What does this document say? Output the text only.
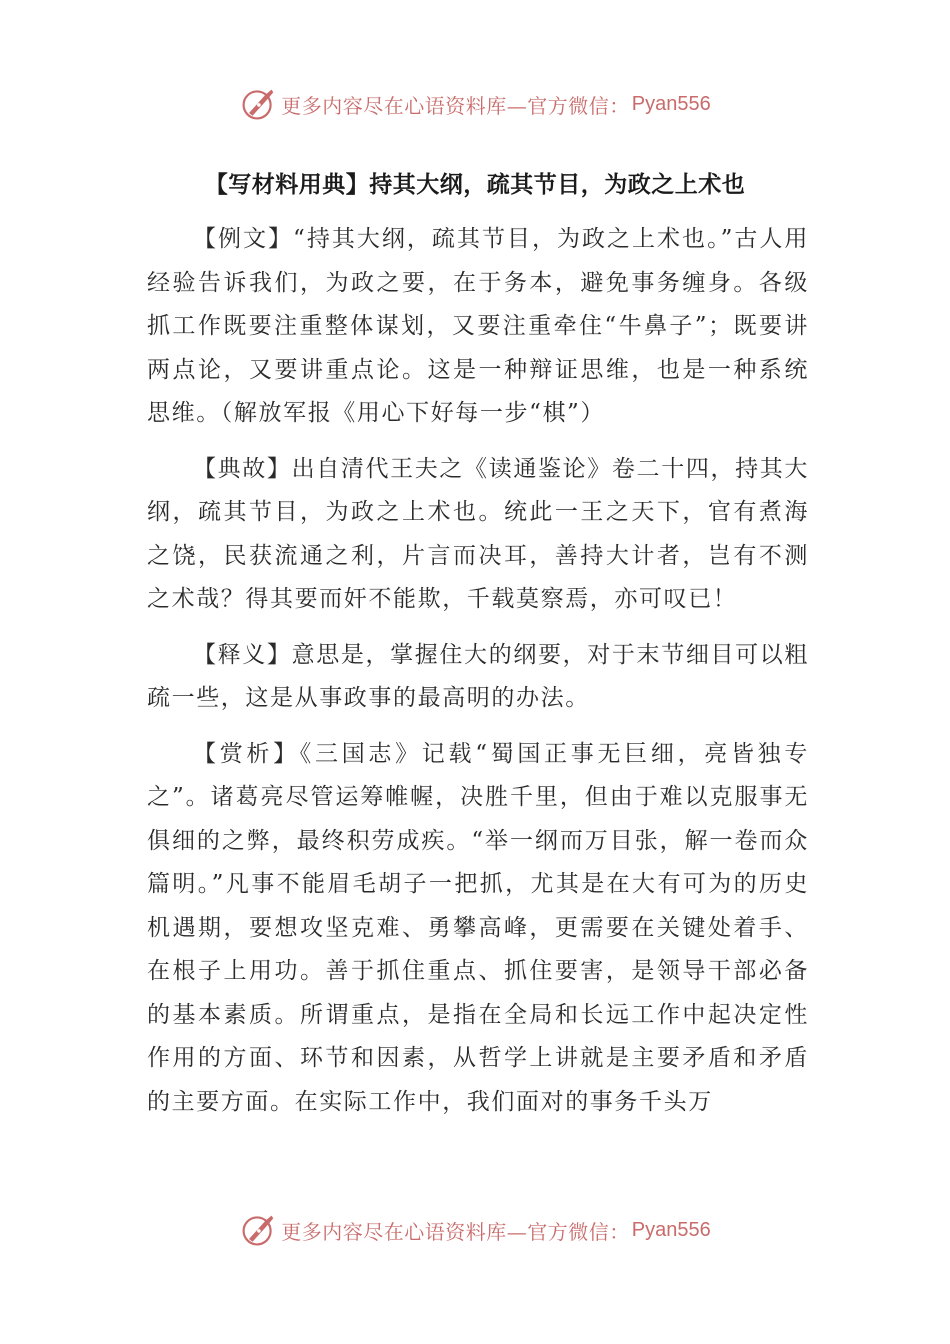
更多内容尽在心语资料库—官方微信： Pyan556
【写材料用典】持其大纲，疏其节目，为政之上术也

【例文】“持其大纲，疏其节目，为政之上术也。”古人用经验告诉我们，为政之要，在于务本，避免事务缠身。各级抓工作既要注重整体谋划，又要注重牵住“牛鼻子”；既要讲两点论，又要讲重点论。这是一种辩证思维，也是一种系统思维。（解放军报《用心下好每一步“棋”）

【典故】出自清代王夫之《读通鉴论》卷二十四，持其大纲，疏其节目，为政之上术也。统此一王之天下，官有煮海之饶，民获流通之利，片言而决耳，善持大计者，岂有不测之术哉？得其要而奸不能欺，千载莫察焉，亦可叹已！

【释义】意思是，掌握住大的纲要，对于末节细目可以粗疏一些，这是从事政事的最高明的办法。

【赏析】《三国志》记载“蜀国正事无巨细，亮皆独专之”。诸葛亮尽管运筹帷幄，决胜千里，但由于难以克服事无俱细的之弊，最终积劳成疾。“举一纲而万目张，解一卷而众篇明。”凡事不能眉毛胡子一把抓，尤其是在大有可为的历史机遇期，要想攻坚克难、勇攀高峰，更需要在关键处着手、在根子上用功。善于抓住重点、抓住要害，是领导干部必备的基本素质。所谓重点，是指在全局和长远工作中起决定性作用的方面、环节和因素，从哲学上讲就是主要矛盾和矛盾的主要方面。在实际工作中，我们面对的事务千头万

更多内容尽在心语资料库—官方微信： Pyan556
